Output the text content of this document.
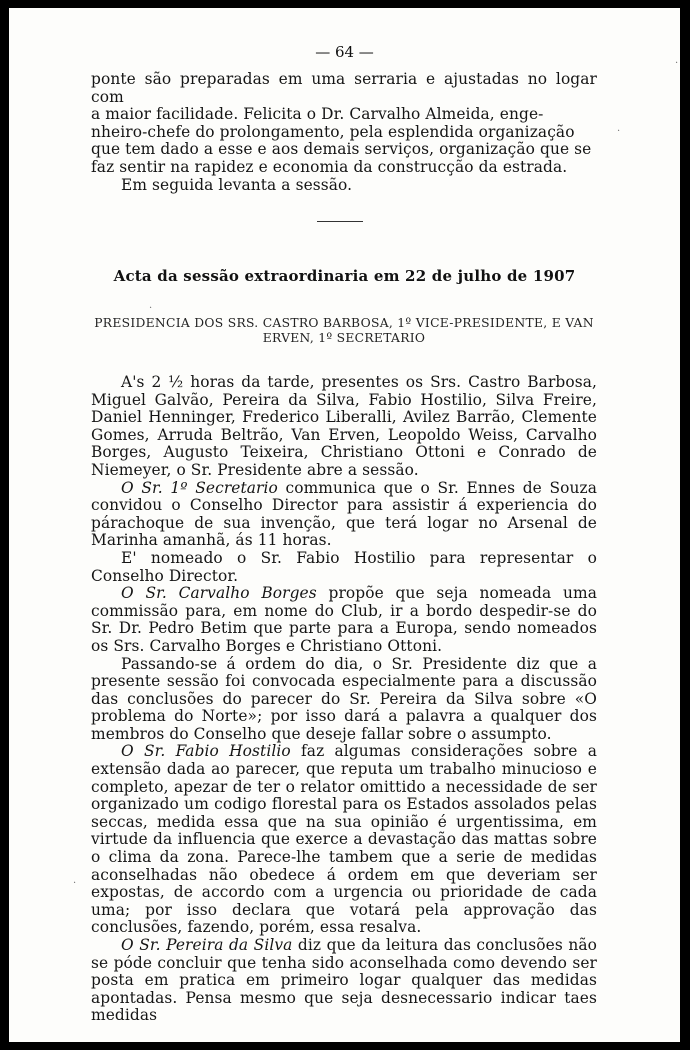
— 64 —
ponte são preparadas em uma serraria e ajustadas no logar com
a maior facilidade. Felicita o Dr. Carvalho Almeida, enge-
nheiro-chefe do prolongamento, pela esplendida organização
que tem dado a esse e aos demais serviços, organização que se
faz sentir na rapidez e economia da construcção da estrada.
Em seguida levanta a sessão.
Acta da sessão extraordinaria em 22 de julho de 1907
PRESIDENCIA DOS SRS. CASTRO BARBOSA, 1º VICE-PRESIDENTE, E VAN
ERVEN, 1º SECRETARIO

A's 2 ½ horas da tarde, presentes os Srs. Castro Barbosa, Miguel Galvão, Pereira da Silva, Fabio Hostilio, Silva Freire, Daniel Henninger, Frederico Liberalli, Avilez Barrão, Clemente Gomes, Arruda Beltrão, Van Erven, Leopoldo Weiss, Carvalho Borges, Augusto Teixeira, Christiano Ottoni e Conrado de Niemeyer, o Sr. Presidente abre a sessão.

O Sr. 1º Secretario communica que o Sr. Ennes de Souza convidou o Conselho Director para assistir á experiencia do párachoque de sua invenção, que terá logar no Arsenal de Marinha amanhã, ás 11 horas.

E' nomeado o Sr. Fabio Hostilio para representar o Conselho Director.

O Sr. Carvalho Borges propõe que seja nomeada uma commissão para, em nome do Club, ir a bordo despedir-se do Sr. Dr. Pedro Betim que parte para a Europa, sendo nomeados os Srs. Carvalho Borges e Christiano Ottoni.

Passando-se á ordem do dia, o Sr. Presidente diz que a presente sessão foi convocada especialmente para a discussão das conclusões do parecer do Sr. Pereira da Silva sobre «O problema do Norte»; por isso dará a palavra a qualquer dos membros do Conselho que deseje fallar sobre o assumpto.

O Sr. Fabio Hostilio faz algumas considerações sobre a extensão dada ao parecer, que reputa um trabalho minucioso e completo, apezar de ter o relator omittido a necessidade de ser organizado um codigo florestal para os Estados assolados pelas seccas, medida essa que na sua opinião é urgentissima, em virtude da influencia que exerce a devastação das mattas sobre o clima da zona. Parece-lhe tambem que a serie de medidas aconselhadas não obedece á ordem em que deveriam ser expostas, de accordo com a urgencia ou prioridade de cada uma; por isso declara que votará pela approvação das conclusões, fazendo, porém, essa resalva.

O Sr. Pereira da Silva diz que da leitura das conclusões não se póde concluir que tenha sido aconselhada como devendo ser posta em pratica em primeiro logar qualquer das medidas apontadas. Pensa mesmo que seja desnecessario indicar taes medidas

·
·
·
·
